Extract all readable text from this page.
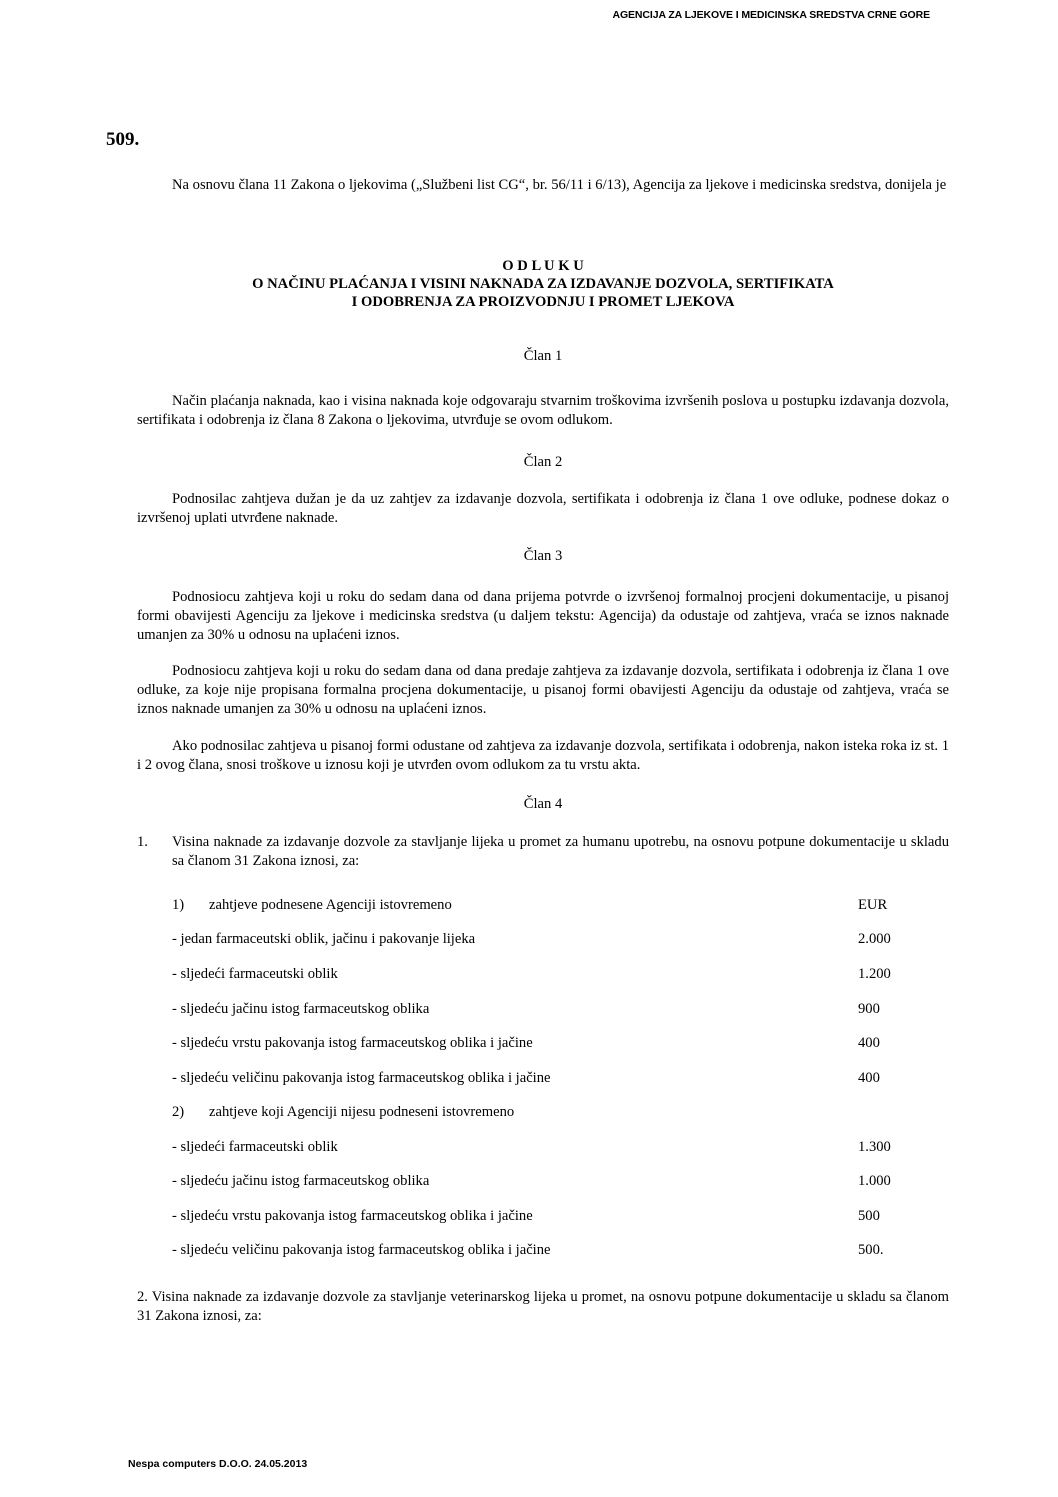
AGENCIJA ZA LJEKOVE I MEDICINSKA SREDSTVA CRNE GORE
509.

Na osnovu člana 11 Zakona o ljekovima („Službeni list CG“, br. 56/11 i 6/13), Agencija za ljekove i medicinska sredstva, donijela je

O D L U K U
O NAČINU PLAĆANJA I VISINI NAKNADA ZA IZDAVANJE DOZVOLA, SERTIFIKATA
I ODOBRENJA ZA PROIZVODNJU I PROMET LJEKOVA
Član 1

Način plaćanja naknada, kao i visina naknada koje odgovaraju stvarnim troškovima izvršenih poslova u postupku izdavanja dozvola, sertifikata i odobrenja iz člana 8 Zakona o ljekovima, utvrđuje se ovom odlukom.

Član 2

Podnosilac zahtjeva dužan je da uz zahtjev za izdavanje dozvola, sertifikata i odobrenja iz člana 1 ove odluke, podnese dokaz o izvršenoj uplati utvrđene naknade.

Član 3

Podnosiocu zahtjeva koji u roku do sedam dana od dana prijema potvrde o izvršenoj formalnoj procjeni dokumentacije, u pisanoj formi obavijesti Agenciju za ljekove i medicinska sredstva (u daljem tekstu: Agencija) da odustaje od zahtjeva, vraća se iznos naknade umanjen za 30% u odnosu na uplaćeni iznos.

Podnosiocu zahtjeva koji u roku do sedam dana od dana predaje zahtjeva za izdavanje dozvola, sertifikata i odobrenja iz člana 1 ove odluke, za koje nije propisana formalna procjena dokumentacije, u pisanoj formi obavijesti Agenciju da odustaje od zahtjeva, vraća se iznos naknade umanjen za 30% u odnosu na uplaćeni iznos.

Ako podnosilac zahtjeva u pisanoj formi odustane od zahtjeva za izdavanje dozvola, sertifikata i odobrenja, nakon isteka roka iz st. 1 i 2 ovog člana, snosi troškove u iznosu koji je utvrđen ovom odlukom za tu vrstu akta.

Član 4
1. Visina naknade za izdavanje dozvole za stavljanje lijeka u promet za humanu upotrebu, na osnovu potpune dokumentacije u skladu sa članom 31 Zakona iznosi, za:
1) zahtjeve podnesene Agenciji istovremeno	EUR
- jedan farmaceutski oblik, jačinu i pakovanje lijeka	2.000
- sljedeći farmaceutski oblik	1.200
- sljedeću jačinu istog farmaceutskog oblika	900
- sljedeću vrstu pakovanja istog farmaceutskog oblika i jačine	400
- sljedeću veličinu pakovanja istog farmaceutskog oblika i jačine	400
2) zahtjeve koji Agenciji nijesu podneseni istovremeno
- sljedeći farmaceutski oblik	1.300
- sljedeću jačinu istog farmaceutskog oblika	1.000
- sljedeću vrstu pakovanja istog farmaceutskog oblika i jačine	500
- sljedeću veličinu pakovanja istog farmaceutskog oblika i jačine	500.

2. Visina naknade za izdavanje dozvole za stavljanje veterinarskog lijeka u promet, na osnovu potpune dokumentacije u skladu sa članom 31 Zakona iznosi, za:

Nespa computers D.O.O. 24.05.2013
